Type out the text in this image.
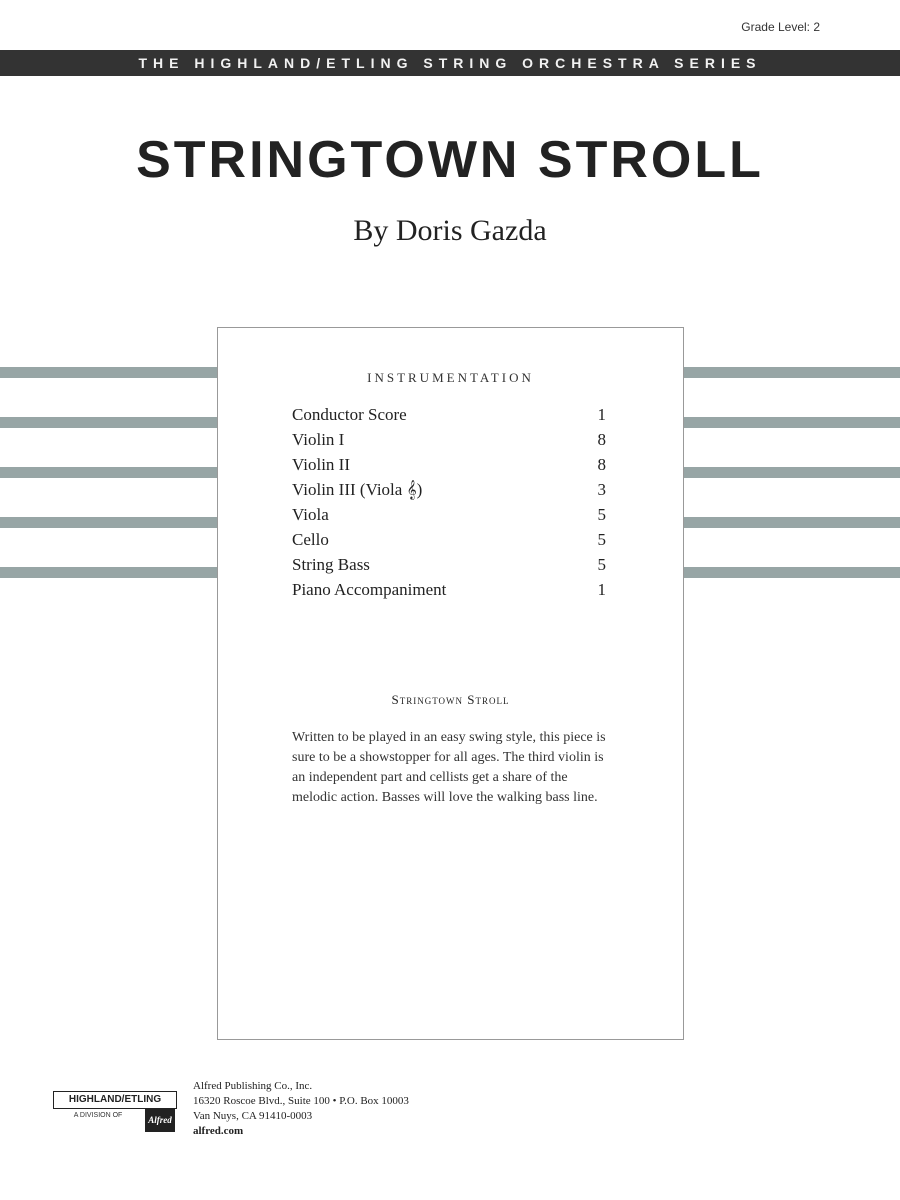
Grade Level: 2
THE HIGHLAND/ETLING STRING ORCHESTRA SERIES
STRINGTOWN STROLL
By Doris Gazda
INSTRUMENTATION
Conductor Score	1
Violin I	8
Violin II	8
Violin III (Viola 𝄞)	3
Viola	5
Cello	5
String Bass	5
Piano Accompaniment	1
Stringtown Stroll
Written to be played in an easy swing style, this piece is sure to be a showstopper for all ages. The third violin is an independent part and cellists get a share of the melodic action. Basses will love the walking bass line.
HIGHLAND/ETLING
A DIVISION OF	Alfred
Alfred Publishing Co., Inc.
16320 Roscoe Blvd., Suite 100 • P.O. Box 10003
Van Nuys, CA 91410-0003
alfred.com
